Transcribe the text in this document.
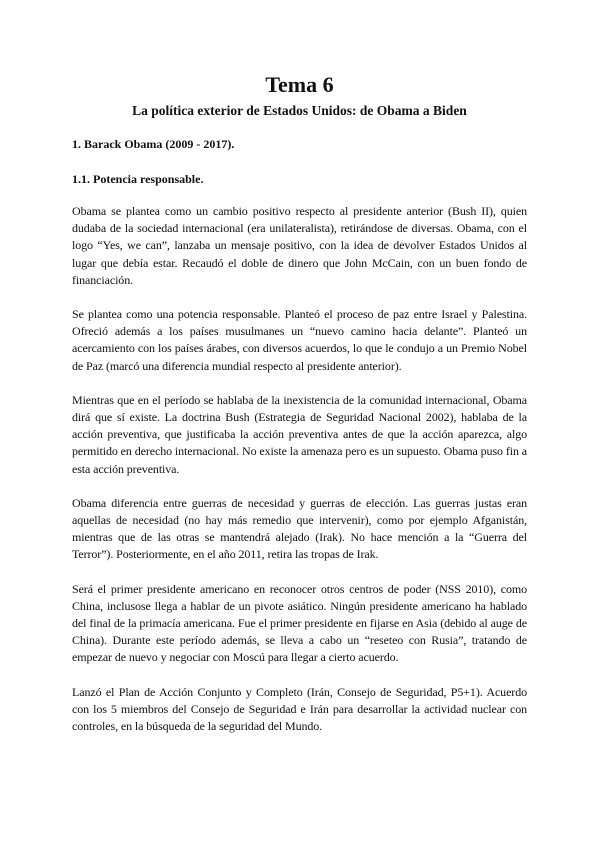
Tema 6
La política exterior de Estados Unidos: de Obama a Biden

1. Barack Obama (2009 - 2017).

1.1. Potencia responsable.

Obama se plantea como un cambio positivo respecto al presidente anterior (Bush II), quien dudaba de la sociedad internacional (era unilateralista), retirándose de diversas. Obama, con el logo “Yes, we can”, lanzaba un mensaje positivo, con la idea de devolver Estados Unidos al lugar que debía estar. Recaudó el doble de dinero que John McCain, con un buen fondo de financiación.

Se plantea como una potencia responsable. Planteó el proceso de paz entre Israel y Palestina. Ofreció además a los países musulmanes un “nuevo camino hacia delante”. Planteó un acercamiento con los países árabes, con diversos acuerdos, lo que le condujo a un Premio Nobel de Paz (marcó una diferencia mundial respecto al presidente anterior).

Mientras que en el período se hablaba de la inexistencia de la comunidad internacional, Obama dirá que sí existe. La doctrina Bush (Estrategia de Seguridad Nacional 2002), hablaba de la acción preventiva, que justificaba la acción preventiva antes de que la acción aparezca, algo permitido en derecho internacional. No existe la amenaza pero es un supuesto. Obama puso fin a esta acción preventiva.

Obama diferencia entre guerras de necesidad y guerras de elección. Las guerras justas eran aquellas de necesidad (no hay más remedio que intervenir), como por ejemplo Afganistán, mientras que de las otras se mantendrá alejado (Irak). No hace mención a la “Guerra del Terror”). Posteriormente, en el año 2011, retira las tropas de Irak.

Será el primer presidente americano en reconocer otros centros de poder (NSS 2010), como China, inclusose llega a hablar de un pivote asiático. Ningún presidente americano ha hablado del final de la primacía americana. Fue el primer presidente en fijarse en Asia (debido al auge de China). Durante este período además, se lleva a cabo un “reseteo con Rusia”, tratando de empezar de nuevo y negociar con Moscú para llegar a cierto acuerdo.

Lanzó el Plan de Acción Conjunto y Completo (Irán, Consejo de Seguridad, P5+1). Acuerdo con los 5 miembros del Consejo de Seguridad e Irán para desarrollar la actividad nuclear con controles, en la búsqueda de la seguridad del Mundo.
